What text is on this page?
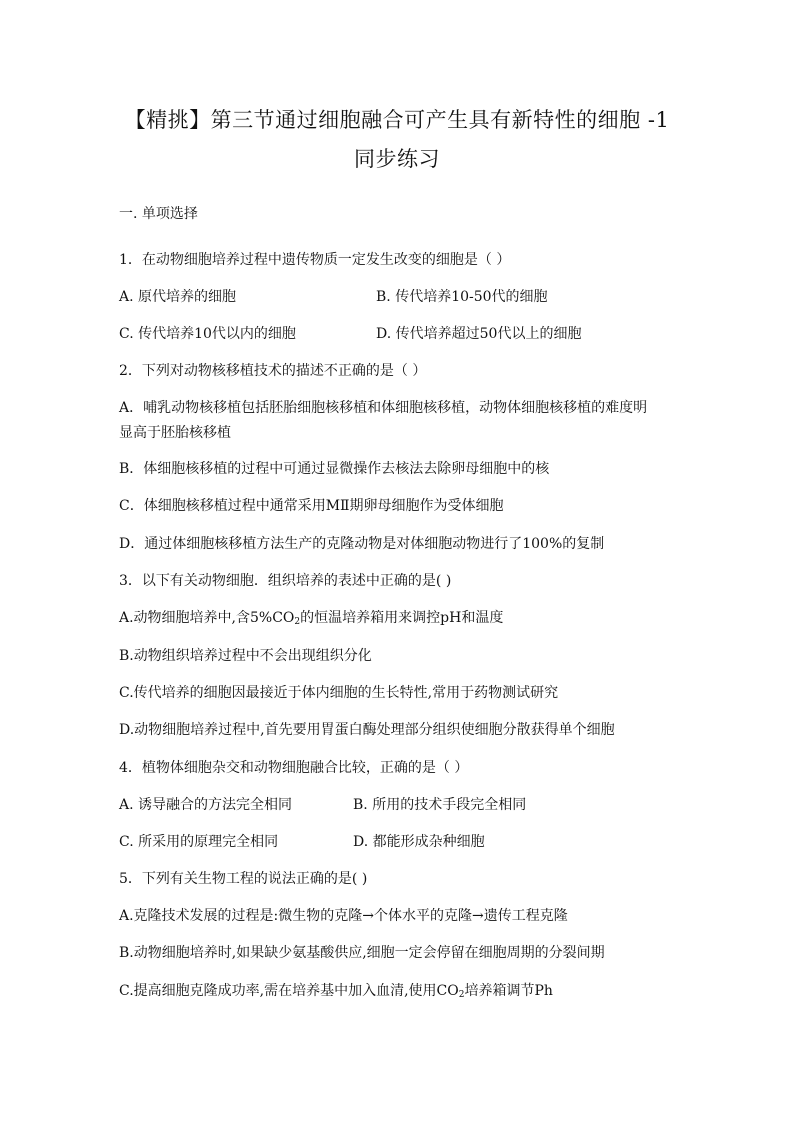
【精挑】第三节通过细胞融合可产生具有新特性的细胞 -1
同步练习
一. 单项选择
1．在动物细胞培养过程中遗传物质一定发生改变的细胞是（ ）
A. 原代培养的细胞	B. 传代培养10-50代的细胞
C. 传代培养10代以内的细胞	D. 传代培养超过50代以上的细胞
2．下列对动物核移植技术的描述不正确的是（ ）
A．哺乳动物核移植包括胚胎细胞核移植和体细胞核移植，动物体细胞核移植的难度明
显高于胚胎核移植
B．体细胞核移植的过程中可通过显微操作去核法去除卵母细胞中的核
C．体细胞核移植过程中通常采用MⅡ期卵母细胞作为受体细胞
D．通过体细胞核移植方法生产的克隆动物是对体细胞动物进行了100%的复制
3．以下有关动物细胞．组织培养的表述中正确的是( )
A.动物细胞培养中,含$5\%CO_2$的恒温培养箱用来调控pH和温度
B.动物组织培养过程中不会出现组织分化
C.传代培养的细胞因最接近于体内细胞的生长特性,常用于药物测试研究
D.动物细胞培养过程中,首先要用胃蛋白酶处理部分组织使细胞分散获得单个细胞
4．植物体细胞杂交和动物细胞融合比较，正确的是（ ）
A. 诱导融合的方法完全相同	B. 所用的技术手段完全相同
C. 所采用的原理完全相同	D. 都能形成杂种细胞
5．下列有关生物工程的说法正确的是( )
A.克隆技术发展的过程是:微生物的克隆→个体水平的克隆→遗传工程克隆
B.动物细胞培养时,如果缺少氨基酸供应,细胞一定会停留在细胞周期的分裂间期
C.提高细胞克隆成功率,需在培养基中加入血清,使用$CO_2$培养箱调节Ph
